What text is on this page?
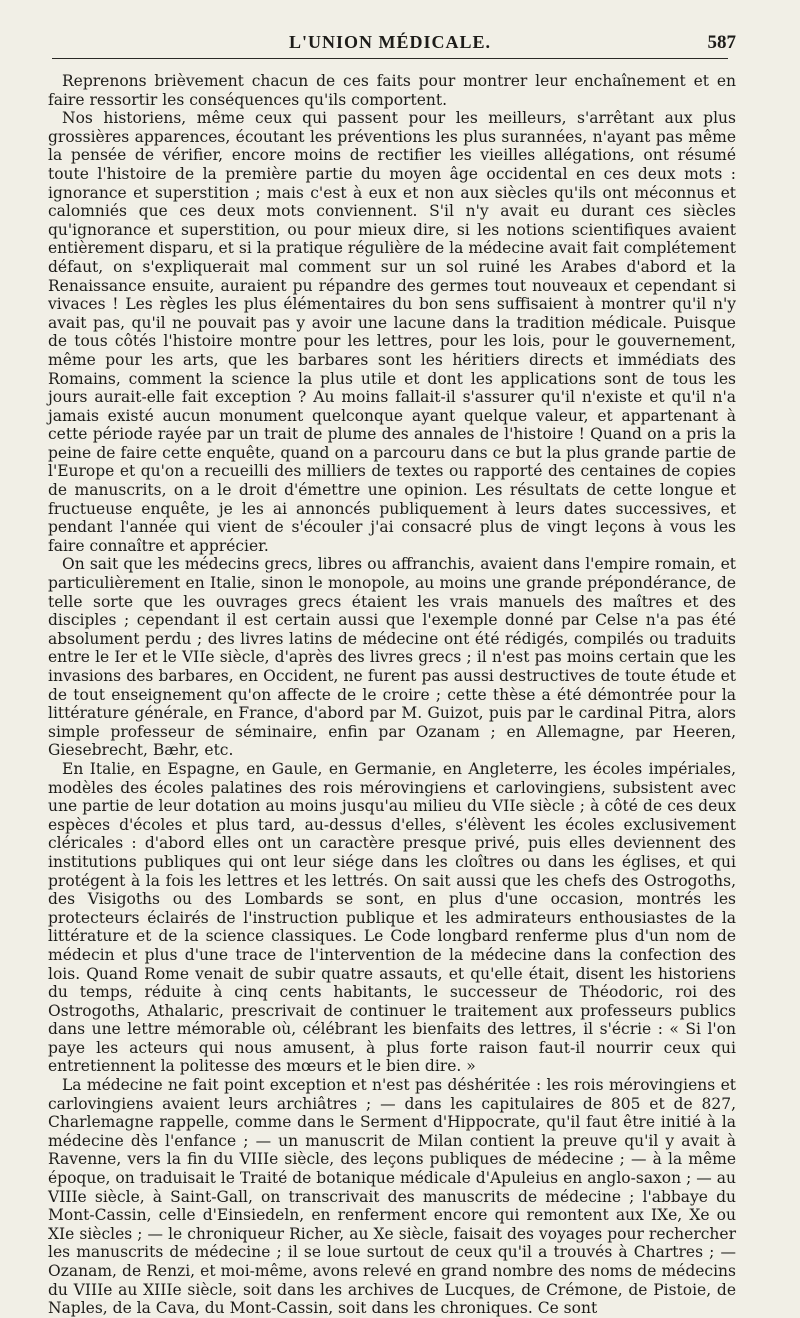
L'UNION MÉDICALE.	587

Reprenons brièvement chacun de ces faits pour montrer leur enchaînement et en faire ressortir les conséquences qu'ils comportent.

Nos historiens, même ceux qui passent pour les meilleurs, s'arrêtant aux plus grossières apparences, écoutant les préventions les plus surannées, n'ayant pas même la pensée de vérifier, encore moins de rectifier les vieilles allégations, ont résumé toute l'histoire de la première partie du moyen âge occidental en ces deux mots : ignorance et superstition ; mais c'est à eux et non aux siècles qu'ils ont méconnus et calomniés que ces deux mots conviennent. S'il n'y avait eu durant ces siècles qu'ignorance et superstition, ou pour mieux dire, si les notions scientifiques avaient entièrement disparu, et si la pratique régulière de la médecine avait fait complétement défaut, on s'expliquerait mal comment sur un sol ruiné les Arabes d'abord et la Renaissance ensuite, auraient pu répandre des germes tout nouveaux et cependant si vivaces ! Les règles les plus élémentaires du bon sens suffisaient à montrer qu'il n'y avait pas, qu'il ne pouvait pas y avoir une lacune dans la tradition médicale. Puisque de tous côtés l'histoire montre pour les lettres, pour les lois, pour le gouvernement, même pour les arts, que les barbares sont les héritiers directs et immédiats des Romains, comment la science la plus utile et dont les applications sont de tous les jours aurait-elle fait exception ? Au moins fallait-il s'assurer qu'il n'existe et qu'il n'a jamais existé aucun monument quelconque ayant quelque valeur, et appartenant à cette période rayée par un trait de plume des annales de l'histoire ! Quand on a pris la peine de faire cette enquête, quand on a parcouru dans ce but la plus grande partie de l'Europe et qu'on a recueilli des milliers de textes ou rapporté des centaines de copies de manuscrits, on a le droit d'émettre une opinion. Les résultats de cette longue et fructueuse enquête, je les ai annoncés publiquement à leurs dates successives, et pendant l'année qui vient de s'écouler j'ai consacré plus de vingt leçons à vous les faire connaître et apprécier.

On sait que les médecins grecs, libres ou affranchis, avaient dans l'empire romain, et particulièrement en Italie, sinon le monopole, au moins une grande prépondérance, de telle sorte que les ouvrages grecs étaient les vrais manuels des maîtres et des disciples ; cependant il est certain aussi que l'exemple donné par Celse n'a pas été absolument perdu ; des livres latins de médecine ont été rédigés, compilés ou traduits entre le Ier et le VIIe siècle, d'après des livres grecs ; il n'est pas moins certain que les invasions des barbares, en Occident, ne furent pas aussi destructives de toute étude et de tout enseignement qu'on affecte de le croire ; cette thèse a été démontrée pour la littérature générale, en France, d'abord par M. Guizot, puis par le cardinal Pitra, alors simple professeur de séminaire, enfin par Ozanam ; en Allemagne, par Heeren, Giesebrecht, Bæhr, etc.

En Italie, en Espagne, en Gaule, en Germanie, en Angleterre, les écoles impériales, modèles des écoles palatines des rois mérovingiens et carlovingiens, subsistent avec une partie de leur dotation au moins jusqu'au milieu du VIIe siècle ; à côté de ces deux espèces d'écoles et plus tard, au-dessus d'elles, s'élèvent les écoles exclusivement cléricales : d'abord elles ont un caractère presque privé, puis elles deviennent des institutions publiques qui ont leur siége dans les cloîtres ou dans les églises, et qui protégent à la fois les lettres et les lettrés. On sait aussi que les chefs des Ostrogoths, des Visigoths ou des Lombards se sont, en plus d'une occasion, montrés les protecteurs éclairés de l'instruction publique et les admirateurs enthousiastes de la littérature et de la science classiques. Le Code longbard renferme plus d'un nom de médecin et plus d'une trace de l'intervention de la médecine dans la confection des lois. Quand Rome venait de subir quatre assauts, et qu'elle était, disent les historiens du temps, réduite à cinq cents habitants, le successeur de Théodoric, roi des Ostrogoths, Athalaric, prescrivait de continuer le traitement aux professeurs publics dans une lettre mémorable où, célébrant les bienfaits des lettres, il s'écrie : « Si l'on paye les acteurs qui nous amusent, à plus forte raison faut-il nourrir ceux qui entretiennent la politesse des mœurs et le bien dire. »

La médecine ne fait point exception et n'est pas déshéritée : les rois mérovingiens et carlovingiens avaient leurs archiâtres ; — dans les capitulaires de 805 et de 827, Charlemagne rappelle, comme dans le Serment d'Hippocrate, qu'il faut être initié à la médecine dès l'enfance ; — un manuscrit de Milan contient la preuve qu'il y avait à Ravenne, vers la fin du VIIIe siècle, des leçons publiques de médecine ; — à la même époque, on traduisait le Traité de botanique médicale d'Apuleius en anglo-saxon ; — au VIIIe siècle, à Saint-Gall, on transcrivait des manuscrits de médecine ; l'abbaye du Mont-Cassin, celle d'Einsiedeln, en renferment encore qui remontent aux IXe, Xe ou XIe siècles ; — le chroniqueur Richer, au Xe siècle, faisait des voyages pour rechercher les manuscrits de médecine ; il se loue surtout de ceux qu'il a trouvés à Chartres ; — Ozanam, de Renzi, et moi-même, avons relevé en grand nombre des noms de médecins du VIIIe au XIIIe siècle, soit dans les archives de Lucques, de Crémone, de Pistoie, de Naples, de la Cava, du Mont-Cassin, soit dans les chroniques. Ce sont
